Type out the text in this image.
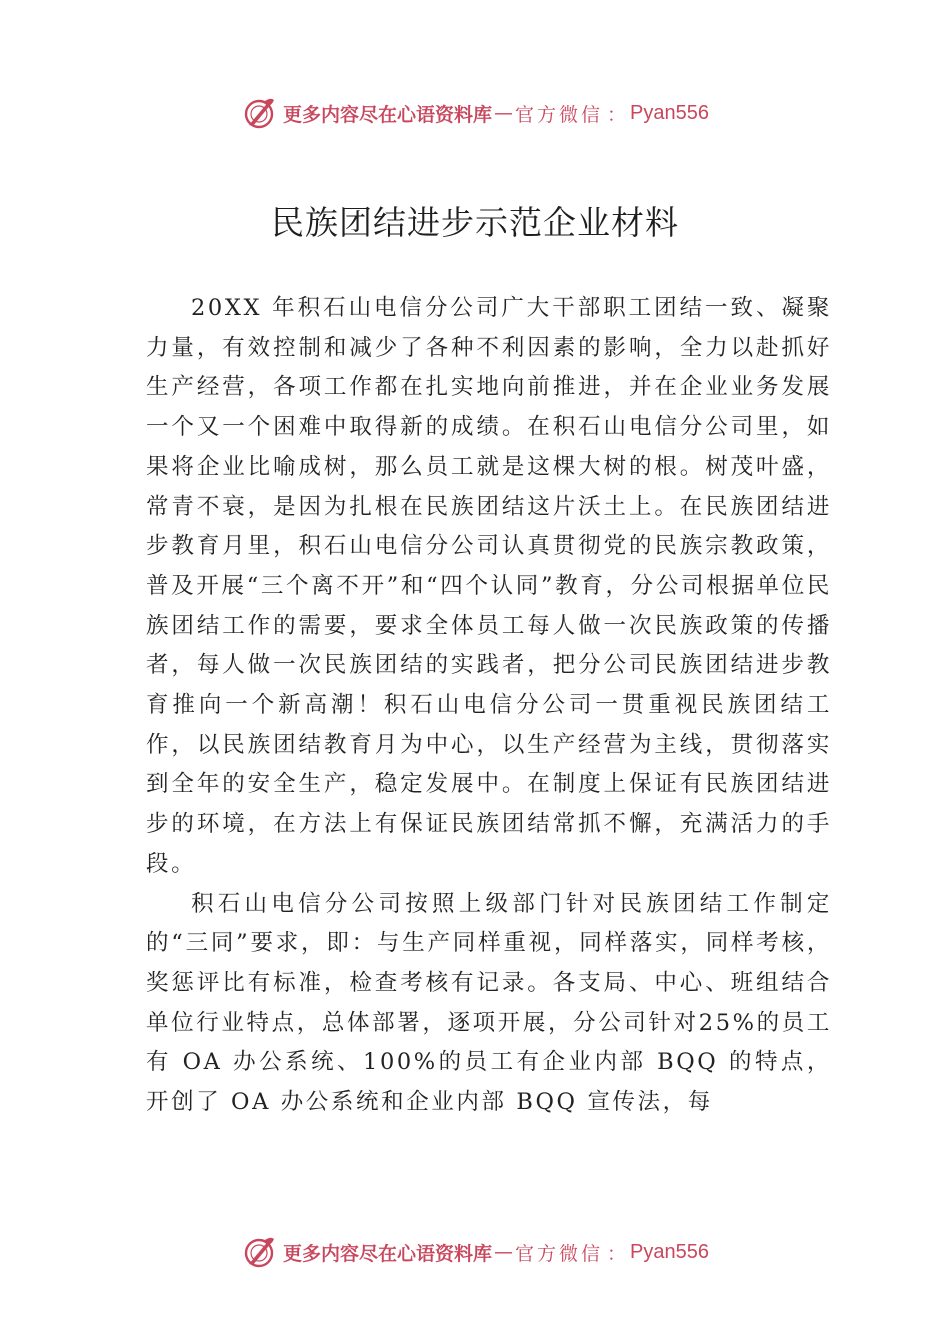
更多内容尽在心语资料库 — 官方微信 ： Pyan556
民族团结进步示范企业材料

20XX 年积石山电信分公司广大干部职工团结一致、凝聚力量，有效控制和减少了各种不利因素的影响，全力以赴抓好生产经营，各项工作都在扎实地向前推进，并在企业业务发展一个又一个困难中取得新的成绩。在积石山电信分公司里，如果将企业比喻成树，那么员工就是这棵大树的根。树茂叶盛，常青不衰，是因为扎根在民族团结这片沃土上。在民族团结进步教育月里，积石山电信分公司认真贯彻党的民族宗教政策，普及开展“三个离不开”和“四个认同”教育，分公司根据单位民族团结工作的需要，要求全体员工每人做一次民族政策的传播者，每人做一次民族团结的实践者，把分公司民族团结进步教育推向一个新高潮！积石山电信分公司一贯重视民族团结工作，以民族团结教育月为中心，以生产经营为主线，贯彻落实到全年的安全生产，稳定发展中。在制度上保证有民族团结进步的环境，在方法上有保证民族团结常抓不懈，充满活力的手段。

积石山电信分公司按照上级部门针对民族团结工作制定的“三同”要求，即：与生产同样重视，同样落实，同样考核，奖惩评比有标准，检查考核有记录。各支局、中心、班组结合单位行业特点，总体部署，逐项开展，分公司针对25%的员工有 OA 办公系统、100%的员工有企业内部 BQQ 的特点，开创了 OA 办公系统和企业内部 BQQ 宣传法，每

更多内容尽在心语资料库 — 官方微信 ： Pyan556
